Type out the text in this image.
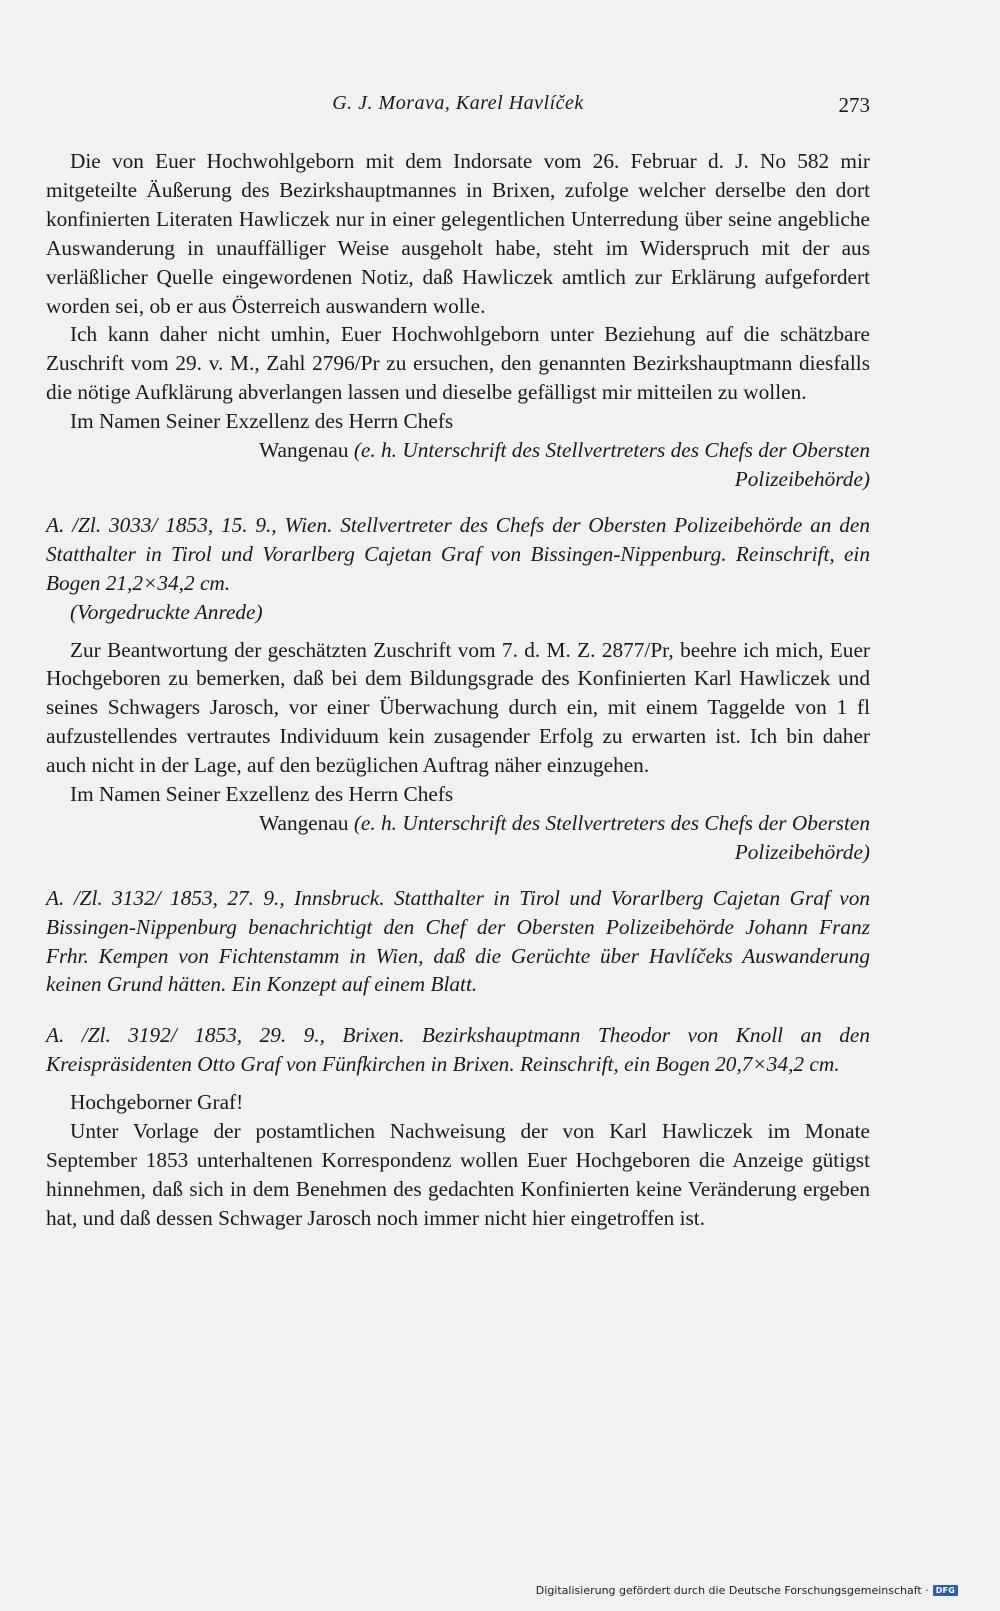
G. J. Morava, Karel Havlíček	273

Die von Euer Hochwohlgeborn mit dem Indorsate vom 26. Februar d. J. No 582 mir mitgeteilte Äußerung des Bezirkshauptmannes in Brixen, zufolge welcher derselbe den dort konfinierten Literaten Hawliczek nur in einer gelegentlichen Unterredung über seine angebliche Auswanderung in unauffälliger Weise ausgeholt habe, steht im Widerspruch mit der aus verläßlicher Quelle eingewordenen Notiz, daß Hawliczek amtlich zur Erklärung aufgefordert worden sei, ob er aus Österreich auswandern wolle.

Ich kann daher nicht umhin, Euer Hochwohlgeborn unter Beziehung auf die schätzbare Zuschrift vom 29. v. M., Zahl 2796/Pr zu ersuchen, den genannten Bezirkshauptmann diesfalls die nötige Aufklärung abverlangen lassen und dieselbe gefälligst mir mitteilen zu wollen.

Im Namen Seiner Exzellenz des Herrn Chefs

Wangenau (e. h. Unterschrift des Stellvertreters des Chefs der Obersten Polizeibehörde)

A. /Zl. 3033/ 1853, 15. 9., Wien. Stellvertreter des Chefs der Obersten Polizeibehörde an den Statthalter in Tirol und Vorarlberg Cajetan Graf von Bissingen-Nippenburg. Reinschrift, ein Bogen 21,2×34,2 cm.

(Vorgedruckte Anrede)

Zur Beantwortung der geschätzten Zuschrift vom 7. d. M. Z. 2877/Pr, beehre ich mich, Euer Hochgeboren zu bemerken, daß bei dem Bildungsgrade des Konfinierten Karl Hawliczek und seines Schwagers Jarosch, vor einer Überwachung durch ein, mit einem Taggelde von 1 fl aufzustellendes vertrautes Individuum kein zusagender Erfolg zu erwarten ist. Ich bin daher auch nicht in der Lage, auf den bezüglichen Auftrag näher einzugehen.

Im Namen Seiner Exzellenz des Herrn Chefs

Wangenau (e. h. Unterschrift des Stellvertreters des Chefs der Obersten Polizeibehörde)

A. /Zl. 3132/ 1853, 27. 9., Innsbruck. Statthalter in Tirol und Vorarlberg Cajetan Graf von Bissingen-Nippenburg benachrichtigt den Chef der Obersten Polizeibehörde Johann Franz Frhr. Kempen von Fichtenstamm in Wien, daß die Gerüchte über Havlíčeks Auswanderung keinen Grund hätten. Ein Konzept auf einem Blatt.

A. /Zl. 3192/ 1853, 29. 9., Brixen. Bezirkshauptmann Theodor von Knoll an den Kreispräsidenten Otto Graf von Fünfkirchen in Brixen. Reinschrift, ein Bogen 20,7×34,2 cm.

Hochgeborner Graf!

Unter Vorlage der postamtlichen Nachweisung der von Karl Hawliczek im Monate September 1853 unterhaltenen Korrespondenz wollen Euer Hochgeboren die Anzeige gütigst hinnehmen, daß sich in dem Benehmen des gedachten Konfinierten keine Veränderung ergeben hat, und daß dessen Schwager Jarosch noch immer nicht hier eingetroffen ist.

Digitalisierung gefördert durch die Deutsche Forschungsgemeinschaft · DFG
